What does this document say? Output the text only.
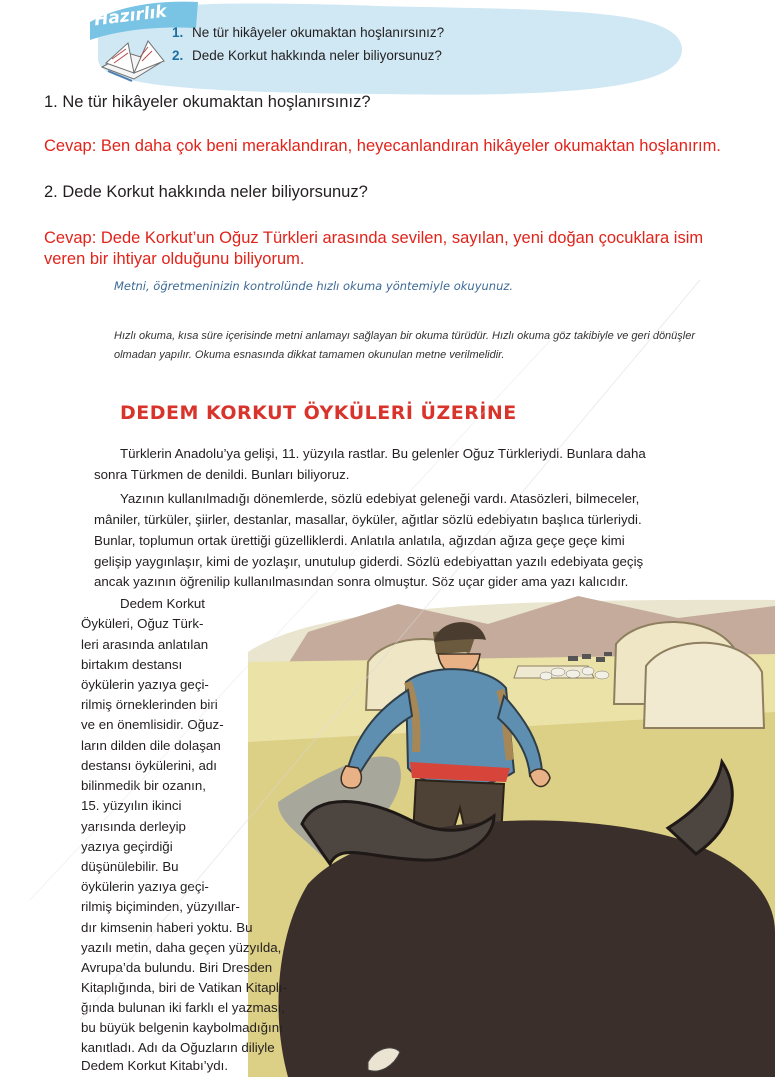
Hazırlık
1. Ne tür hikâyeler okumaktan hoşlanırsınız?
2. Dede Korkut hakkında neler biliyorsunuz?
1. Ne tür hikâyeler okumaktan hoşlanırsınız?
Cevap: Ben daha çok beni meraklandıran, heyecanlandıran hikâyeler okumaktan hoşlanırım.
2. Dede Korkut hakkında neler biliyorsunuz?
Cevap: Dede Korkut’un Oğuz Türkleri arasında sevilen, sayılan, yeni doğan çocuklara isim
veren bir ihtiyar olduğunu biliyorum.
Metni, öğretmeninizin kontrolünde hızlı okuma yöntemiyle okuyunuz.
Hızlı okuma, kısa süre içerisinde metni anlamayı sağlayan bir okuma türüdür. Hızlı okuma göz takibiyle ve geri dönüşler
olmadan yapılır. Okuma esnasında dikkat tamamen okunulan metne verilmelidir.
DEDEM KORKUT ÖYKÜLERİ ÜZERİNE
Türklerin Anadolu’ya gelişi, 11. yüzyıla rastlar. Bu gelenler Oğuz Türkleriydi. Bunlara daha
sonra Türkmen de denildi. Bunları biliyoruz.
Yazının kullanılmadığı dönemlerde, sözlü edebiyat geleneği vardı. Atasözleri, bilmeceler,
mâniler, türküler, şiirler, destanlar, masallar, öyküler, ağıtlar sözlü edebiyatın başlıca türleriydi.
Bunlar, toplumun ortak ürettiği güzelliklerdi. Anlatıla anlatıla, ağızdan ağıza geçe geçe kimi
gelişip yaygınlaşır, kimi de yozlaşır, unutulup giderdi. Sözlü edebiyattan yazılı edebiyata geçiş
ancak yazının öğrenilip kullanılmasından sonra olmuştur. Söz uçar gider ama yazı kalıcıdır.
Dedem Korkut
Öyküleri, Oğuz Türk-
leri arasında anlatılan
birtakım destansı
öykülerin yazıya geçi-
rilmiş örneklerinden biri
ve en önemlisidir. Oğuz-
ların dilden dile dolaşan
destansı öykülerini, adı
bilinmedik bir ozanın,
15. yüzyılın ikinci
yarısında derleyip
yazıya geçirdiği
düşünülebilir. Bu
öykülerin yazıya geçi-
rilmiş biçiminden, yüzyıllar-
dır kimsenin haberi yoktu. Bu
yazılı metin, daha geçen yüzyılda,
Avrupa’da bulundu. Biri Dresden
Kitaplığında, biri de Vatikan Kitaplı-
ğında bulunan iki farklı el yazması,
bu büyük belgenin kaybolmadığını
kanıtladı. Adı da Oğuzların diliyle
Dedem Korkut Kitabı’ydı.
